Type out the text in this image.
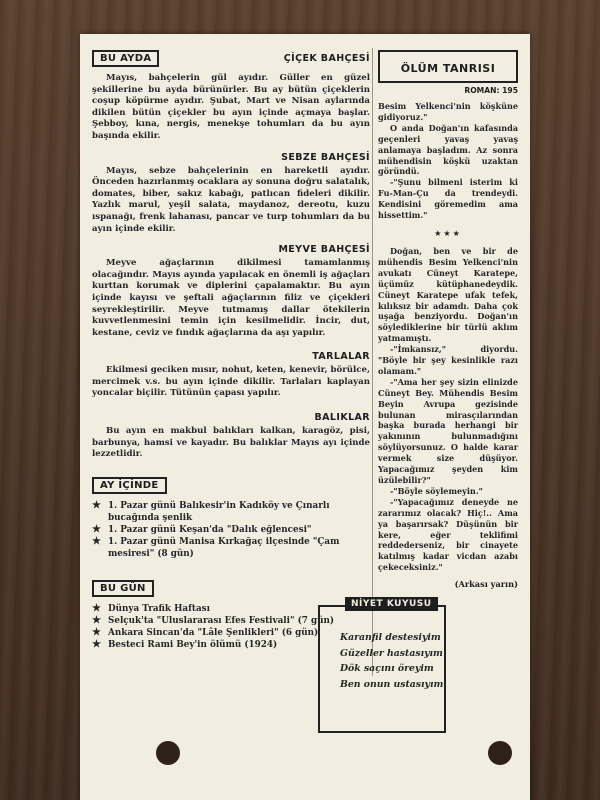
BU AYDA	ÇİÇEK BAHÇESİ

Mayıs, bahçelerin gül ayıdır. Güller en güzel şekillerine bu ayda bürünürler. Bu ay bütün çiçeklerin coşup köpürme ayıdır. Şubat, Mart ve Nisan aylarında dikilen bütün çiçekler bu ayın içinde açmaya başlar. Şebboy, kına, nergis, menekşe tohumları da bu ayın başında ekilir.

SEBZE BAHÇESİ

Mayıs, sebze bahçelerinin en hareketli ayıdır. Önceden hazırlanmış ocaklara ay sonuna doğru salatalık, domates, biber, sakız kabağı, patlıcan fideleri dikilir. Yazlık marul, yeşil salata, maydanoz, dereotu, kuzu ıspanağı, frenk lahanası, pancar ve turp tohumları da bu ayın içinde ekilir.

MEYVE BAHÇESİ

Meyve ağaçlarının dikilmesi tamamlanmış olacağındır. Mayıs ayında yapılacak en önemli iş ağaçları kurttan korumak ve diplerini çapalamaktır. Bu ayın içinde kayısı ve şeftali ağaçlarının filiz ve çiçekleri seyrekleştirilir. Meyve tutmamış dallar ötekilerin kuvvetlenmesini temin için kesilmelidir. İncir, dut, kestane, ceviz ve fındık ağaçlarına da aşı yapılır.

TARLALAR

Ekilmesi geciken mısır, nohut, keten, kenevir, börülce, mercimek v.s. bu ayın içinde dikilir. Tarlaları kaplayan yoncalar biçilir. Tütünün çapası yapılır.

BALIKLAR

Bu ayın en makbul balıkları kalkan, karagöz, pisi, barbunya, hamsi ve kayadır. Bu balıklar Mayıs ayı içinde lezzetlidir.

AY İÇİNDE
★ 1. Pazar günü Balıkesir'in Kadıköy ve Çınarlı bucağında şenlik
★ 1. Pazar günü Keşan'da "Dalık eğlencesi"
★ 1. Pazar günü Manisa Kırkağaç ilçesinde "Çam mesiresi" (8 gün)
BU GÜN
★ Dünya Trafik Haftası
★ Selçuk'ta "Uluslararası Efes Festivali" (7 gün)
★ Ankara Sincan'da "Lâle Şenlikleri" (6 gün)
★ Besteci Rami Bey'in ölümü (1924)
ÖLÜM TANRISI
ROMAN: 195

Besim Yelkenci'nin köşküne gidiyoruz."

O anda Doğan'ın kafasında geçenleri yavaş yavaş anlamaya başladım. Az sonra mühendisin köşkü uzaktan göründü.

-"Şunu bilmeni isterim ki Fu-Man-Çu da trendeydi. Kendisini göremedim ama hissettim."

★★★

Doğan, ben ve bir de mühendis Besim Yelkenci'nin avukatı Cüneyt Karatepe, üçümüz kütüphanedeydik. Cüneyt Karatepe ufak tefek, kılıksız bir adamdı. Daha çok uşağa benziyordu. Doğan'ın söylediklerine bir türlü aklım yatmamıştı.

-"İmkansız," diyordu. "Böyle bir şey kesinlikle razı olamam."

-"Ama her şey sizin elinizde Cüneyt Bey. Mühendis Besim Beyin Avrupa gezisinde bulunan mirasçılarından başka burada herhangi bir yakınının bulunmadığını söylüyorsunuz. O halde karar vermek size düşüyor. Yapacağımız şeyden kim üzülebilir?"

-"Böyle söylemeyin."

-"Yapacağımız deneyde ne zararımız olacak? Hiç!.. Ama ya başarırsak? Düşünün bir kere, eğer teklifimi reddederseniz, bir cinayete katılmış kadar vicdan azabı çekeceksiniz."

(Arkası yarın)
NİYET KUYUSU
Karanfil destesiyim
Güzeller hastasıyım
Dök saçını öreyim
Ben onun ustasıyım.
